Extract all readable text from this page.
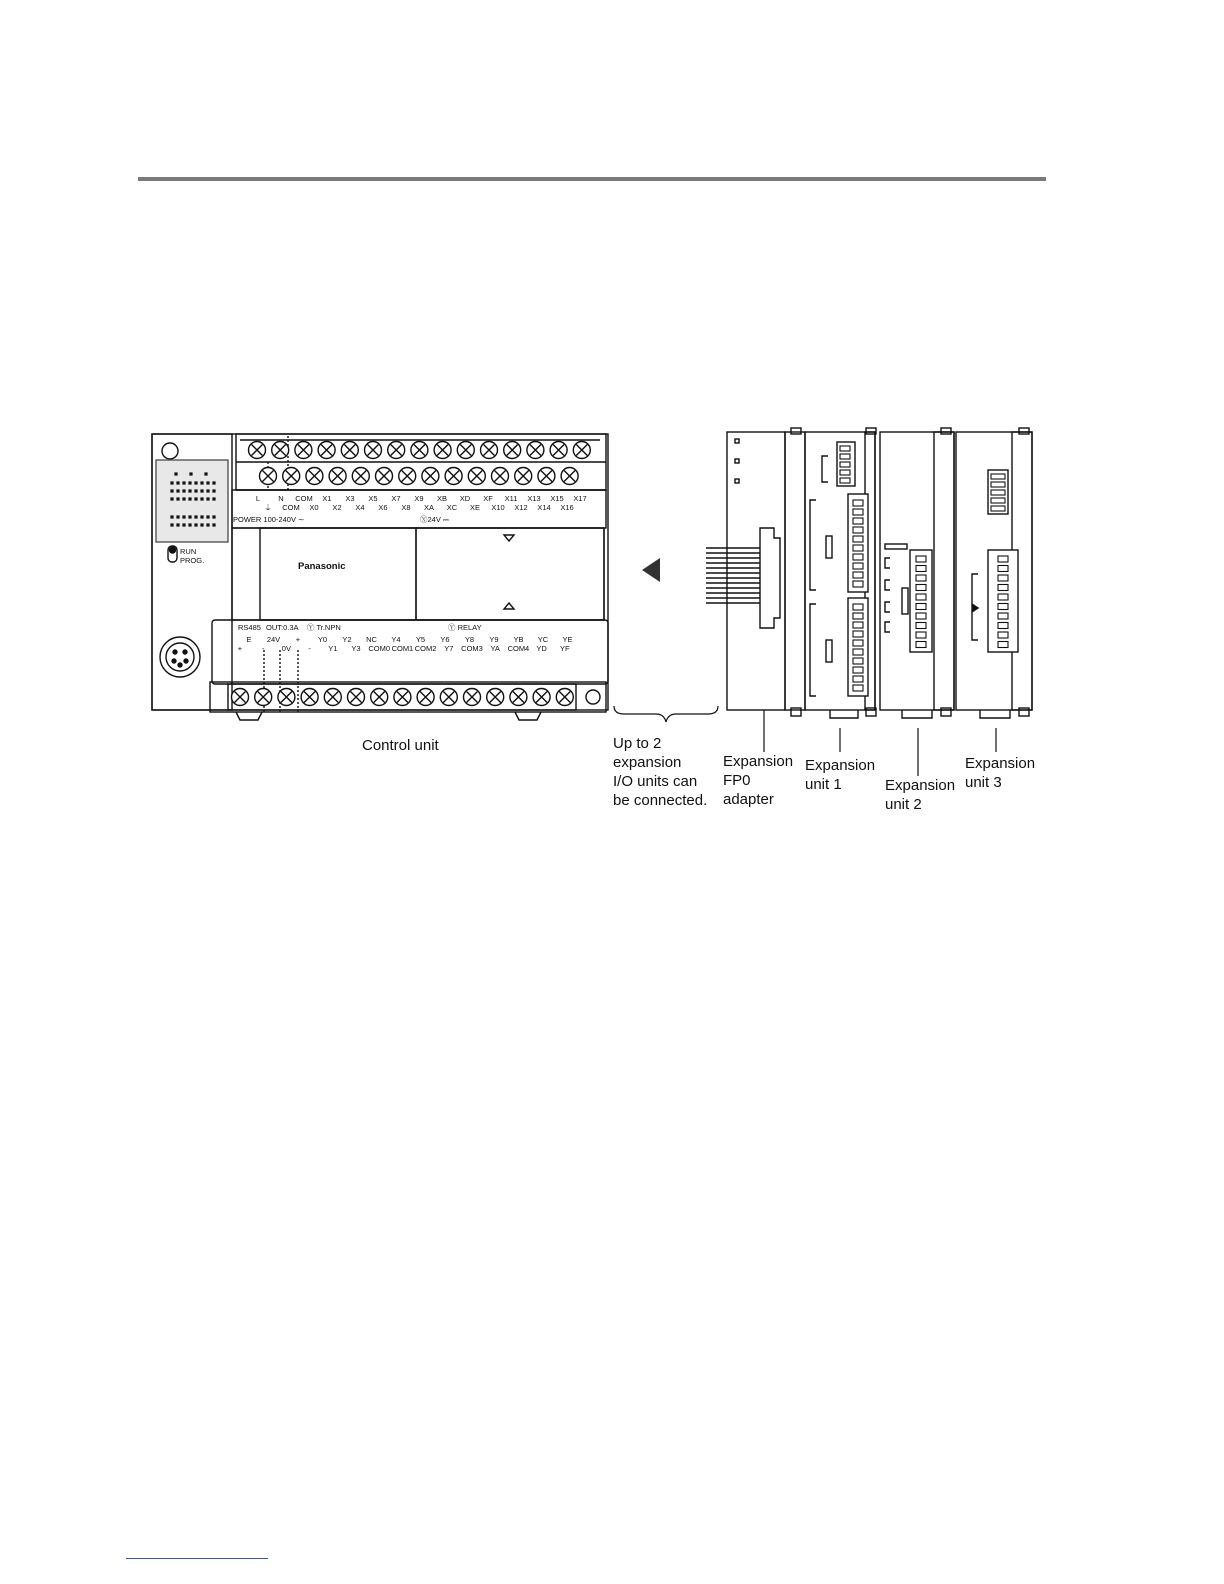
L N COM X1 X3 X5 X7 X9 XB XD XF X11 X13 X15 X17
⏚ COM X0 X2 X4 X6 X8 XA XC XE X10 X12 X14 X16
POWER 100-240V ∼	Ⓧ24V ⎓
Panasonic
RUN
PROG.
RS485 OUT:0.3A Ⓨ Tr.NPN	Ⓨ RELAY
E 24V + Y0 Y2 NC Y4 Y5 Y6 Y8 Y9 YB YC YE
+	- 0V - Y1 Y3 COM0 COM1 COM2 Y7 COM3 YA COM4 YD YF
Control unit	Up to 2
expansion
I/O units can
be connected.
Expansion
FP0
adapter
Expansion
unit 1	Expansion
unit 2
Expansion
unit 3
